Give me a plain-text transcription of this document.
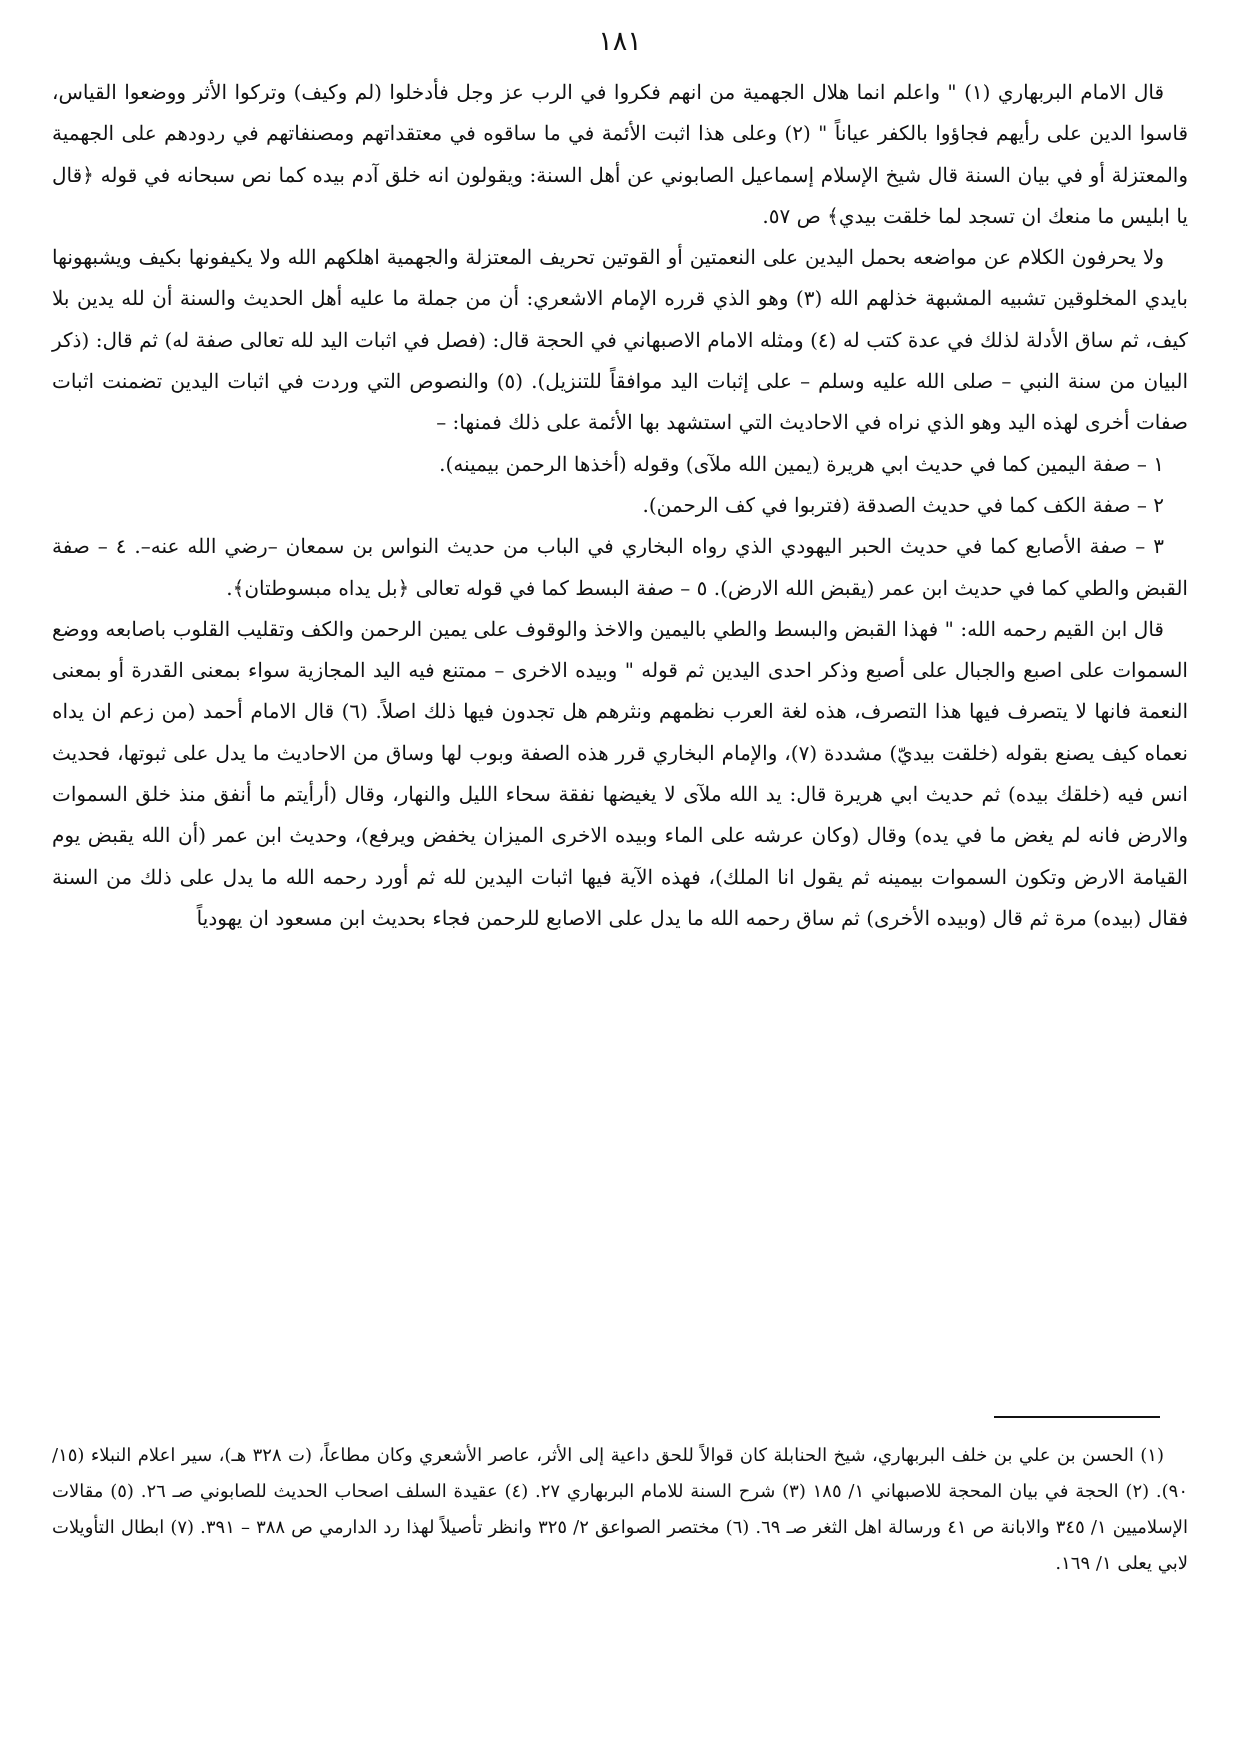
١٨١

قال الامام البربهاري (١) " واعلم انما هلال الجهمية من انهم فكروا في الرب عز وجل فأدخلوا (لم وكيف) وتركوا الأثر ووضعوا القياس، قاسوا الدين على رأيهم فجاؤوا بالكفر عياناً " (٢) وعلى هذا اثبت الأئمة في ما ساقوه في معتقداتهم ومصنفاتهم في ردودهم على الجهمية والمعتزلة أو في بيان السنة قال شيخ الإسلام إسماعيل الصابوني عن أهل السنة: ويقولون انه خلق آدم بيده كما نص سبحانه في قوله ﴿قال يا ابليس ما منعك ان تسجد لما خلقت بيدي﴾ ص ٥٧.

ولا يحرفون الكلام عن مواضعه بحمل اليدين على النعمتين أو القوتين تحريف المعتزلة والجهمية اهلكهم الله ولا يكيفونها بكيف ويشبهونها بايدي المخلوقين تشبيه المشبهة خذلهم الله (٣) وهو الذي قرره الإمام الاشعري: أن من جملة ما عليه أهل الحديث والسنة أن لله يدين بلا كيف، ثم ساق الأدلة لذلك في عدة كتب له (٤) ومثله الامام الاصبهاني في الحجة قال: (فصل في اثبات اليد لله تعالى صفة له) ثم قال: (ذكر البيان من سنة النبي – صلى الله عليه وسلم – على إثبات اليد موافقاً للتنزيل). (٥) والنصوص التي وردت في اثبات اليدين تضمنت اثبات صفات أخرى لهذه اليد وهو الذي نراه في الاحاديث التي استشهد بها الأئمة على ذلك فمنها: –

١ – صفة اليمين كما في حديث ابي هريرة (يمين الله ملآى) وقوله (أخذها الرحمن بيمينه).

٢ – صفة الكف كما في حديث الصدقة (فتربوا في كف الرحمن).

٣ – صفة الأصابع كما في حديث الحبر اليهودي الذي رواه البخاري في الباب من حديث النواس بن سمعان –رضي الله عنه–. ٤ – صفة القبض والطي كما في حديث ابن عمر (يقبض الله الارض). ٥ – صفة البسط كما في قوله تعالى ﴿بل يداه مبسوطتان﴾.

قال ابن القيم رحمه الله: " فهذا القبض والبسط والطي باليمين والاخذ والوقوف على يمين الرحمن والكف وتقليب القلوب باصابعه ووضع السموات على اصبع والجبال على أصبع وذكر احدى اليدين ثم قوله " وبيده الاخرى – ممتنع فيه اليد المجازية سواء بمعنى القدرة أو بمعنى النعمة فانها لا يتصرف فيها هذا التصرف، هذه لغة العرب نظمهم ونثرهم هل تجدون فيها ذلك اصلاً. (٦) قال الامام أحمد (من زعم ان يداه نعماه كيف يصنع بقوله (خلقت بيديّ) مشددة (٧)، والإمام البخاري قرر هذه الصفة وبوب لها وساق من الاحاديث ما يدل على ثبوتها، فحديث انس فيه (خلقك بيده) ثم حديث ابي هريرة قال: يد الله ملآى لا يغيضها نفقة سحاء الليل والنهار، وقال (أرأيتم ما أنفق منذ خلق السموات والارض فانه لم يغض ما في يده) وقال (وكان عرشه على الماء وبيده الاخرى الميزان يخفض ويرفع)، وحديث ابن عمر (أن الله يقبض يوم القيامة الارض وتكون السموات بيمينه ثم يقول انا الملك)، فهذه الآية فيها اثبات اليدين لله ثم أورد رحمه الله ما يدل على ذلك من السنة فقال (بيده) مرة ثم قال (وبيده الأخرى) ثم ساق رحمه الله ما يدل على الاصابع للرحمن فجاء بحديث ابن مسعود ان يهودياً

(١) الحسن بن علي بن خلف البربهاري، شيخ الحنابلة كان قوالاً للحق داعية إلى الأثر، عاصر الأشعري وكان مطاعاً، (ت ٣٢٨ هـ)، سير اعلام النبلاء (١٥/ ٩٠). (٢) الحجة في بيان المحجة للاصبهاني ١/ ١٨٥ (٣) شرح السنة للامام البربهاري ٢٧. (٤) عقيدة السلف اصحاب الحديث للصابوني صـ ٢٦. (٥) مقالات الإسلاميين ١/ ٣٤٥ والابانة ص ٤١ ورسالة اهل الثغر صـ ٦٩. (٦) مختصر الصواعق ٢/ ٣٢٥ وانظر تأصيلاً لهذا رد الدارمي ص ٣٨٨ – ٣٩١. (٧) ابطال التأويلات لابي يعلى ١/ ١٦٩.
